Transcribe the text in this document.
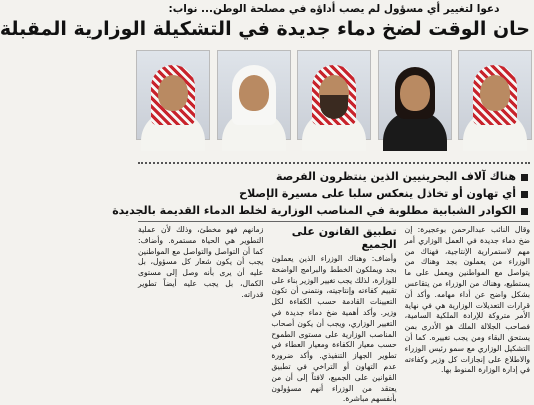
دعوا لتغيير أي مسؤول لم يصب أداؤه في مصلحة الوطن... نواب:
حان الوقت لضخ دماء جديدة في التشكيلة الوزارية المقبلة
هناك آلاف البحرينيين الذين ينتظرون الفرصة
أي تهاون أو تخاذل ينعكس سلبا على مسيرة الإصلاح
الكوادر الشبابية مطلوبة في المناصب الوزارية لخلط الدماء القديمة بالجديدة

وقال النائب عبدالرحمن بوعجيرة: إن ضخ دماء جديدة في العمل الوزاري أمر مهم لاستمرارية الإنتاجية، فهناك من الوزراء من يعملون بجد وهناك من يتواصل مع المواطنين ويعمل على ما يستطيع، وهناك من الوزراء من يتقاعس بشكل واضح عن أداء مهامه. وأكد أن قرارات التعديلات الوزارية هي في نهاية الأمر متروكة للإرادة الملكية السامية، فصاحب الجلالة الملك هو الأدرى بمن يستحق البقاء ومن يجب تغييره. كما أن التشكيل الوزاري مع سمو رئيس الوزراء والاطلاع على إنجازات كل وزير وكفاءته في إدارة الوزارة المنوط بها.

تطبيق القانون على الجميع

وأضاف: وهناك الوزراء الذين يعملون بجد ويملكون الخطط والبرامج الواضحة للوزارة، لذلك يجب تغيير الوزير بناء على تقييم كفاءته وإنتاجيته، ونتمنى أن تكون التعيينات القادمة حسب الكفاءة لكل وزير. وأكد أهمية ضخ دماء جديدة في التغيير الوزاري، ويجب أن يكون أصحاب المناصب الوزارية على مستوى الطموح حسب معيار الكفاءة ومعيار العطاء في تطوير الجهاز التنفيذي. وأكد ضرورة عدم التهاون أو التراخي في تطبيق القوانين على الجميع، لافتاً إلى أن من يعتقد من الوزراء أنهم مسؤولون بأنفسهم مباشرة.

زمانهم فهو مخطئ، وذلك لأن عملية التطوير هي الحياة مستمرة. وأضاف: كما أن التواصل والتواصل مع المواطنين يجب أن يكون شعار كل مسؤول، بل عليه أن يرى بأنه وصل إلى مستوى الكمال، بل يجب عليه أيضاً تطوير قدراته.
